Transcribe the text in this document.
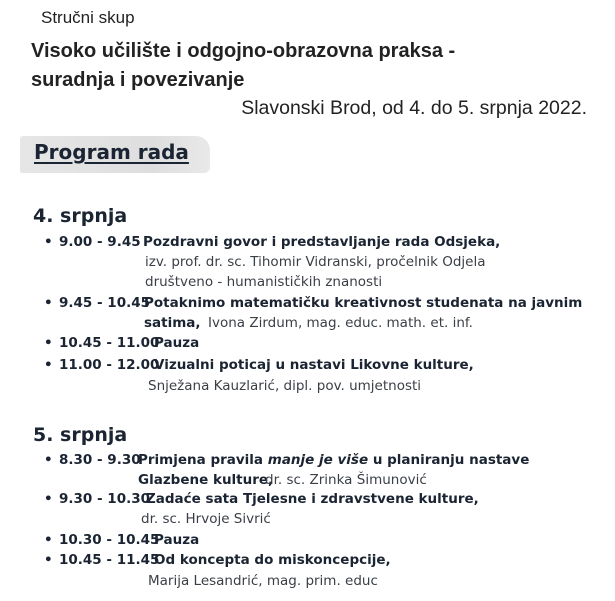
Stručni skup
Visoko učilište i odgojno-obrazovna praksa -
suradnja i povezivanje
Slavonski Brod, od 4. do 5. srpnja 2022.
Program rada
4. srpnja
• 9.00 - 9.45 Pozdravni govor i predstavljanje rada Odsjeka,
izv. prof. dr. sc. Tihomir Vidranski, pročelnik Odjela
društveno - humanističkih znanosti
• 9.45 - 10.45
Potaknimo matematičku kreativnost studenata na javnim
satima, Ivona Zirdum, mag. educ. math. et. inf.
• 10.45 - 11.00
Pauza
• 11.00 - 12.00
Vizualni poticaj u nastavi Likovne kulture,
Snježana Kauzlarić, dipl. pov. umjetnosti
5. srpnja
• 8.30 - 9.30
Primjena pravila manje je više u planiranju nastave
Glazbene kulture,
dr. sc. Zrinka Šimunović
• 9.30 - 10.30
Zadaće sata Tjelesne i zdravstvene kulture,
dr. sc. Hrvoje Sivrić
• 10.30 - 10.45
Pauza
• 10.45 - 11.45
Od koncepta do miskoncepcije,
Marija Lesandrić, mag. prim. educ
